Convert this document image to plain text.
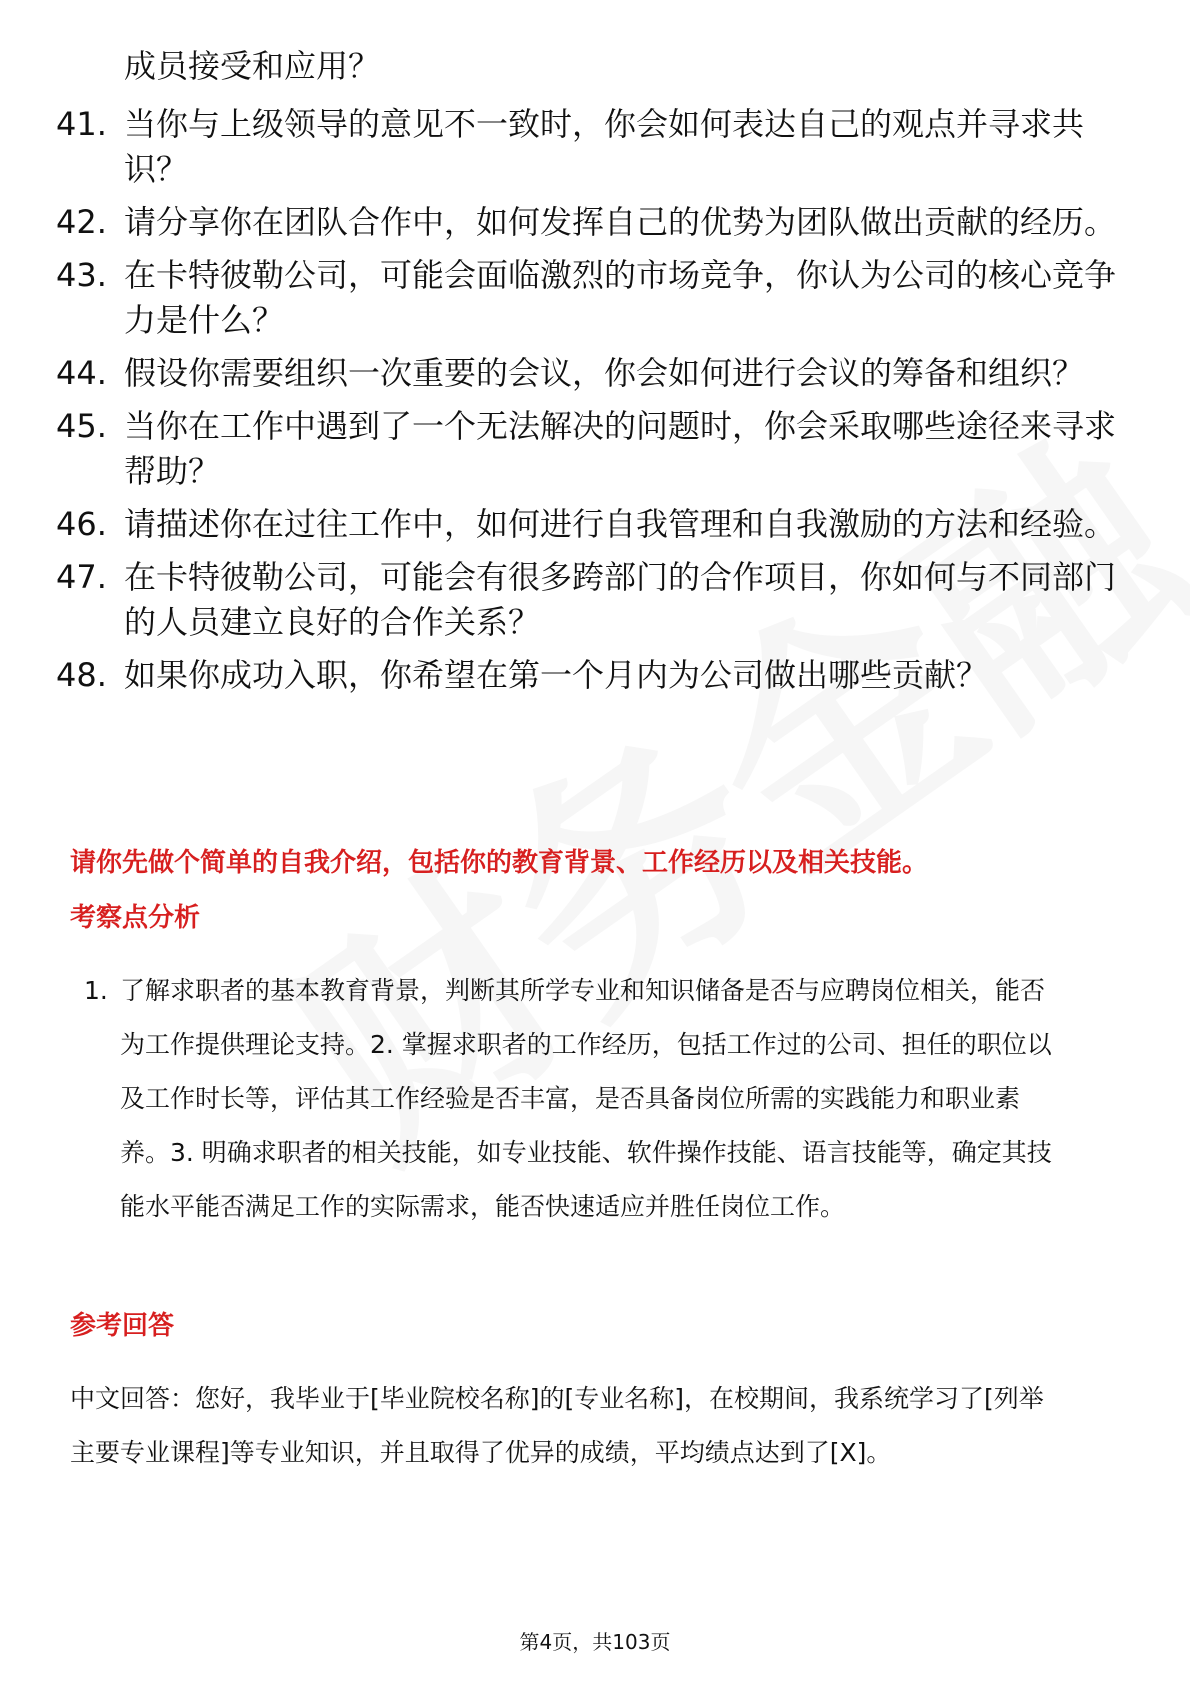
成员接受和应用？
41. 当你与上级领导的意见不一致时，你会如何表达自己的观点并寻求共识？
42. 请分享你在团队合作中，如何发挥自己的优势为团队做出贡献的经历。
43. 在卡特彼勒公司，可能会面临激烈的市场竞争，你认为公司的核心竞争力是什么？
44. 假设你需要组织一次重要的会议，你会如何进行会议的筹备和组织？
45. 当你在工作中遇到了一个无法解决的问题时，你会采取哪些途径来寻求帮助？
46. 请描述你在过往工作中，如何进行自我管理和自我激励的方法和经验。
47. 在卡特彼勒公司，可能会有很多跨部门的合作项目，你如何与不同部门的人员建立良好的合作关系？
48. 如果你成功入职，你希望在第一个月内为公司做出哪些贡献？
请你先做个简单的自我介绍，包括你的教育背景、工作经历以及相关技能。
考察点分析
1. 了解求职者的基本教育背景，判断其所学专业和知识储备是否与应聘岗位相关，能否为工作提供理论支持。2. 掌握求职者的工作经历，包括工作过的公司、担任的职位以及工作时长等，评估其工作经验是否丰富，是否具备岗位所需的实践能力和职业素养。3. 明确求职者的相关技能，如专业技能、软件操作技能、语言技能等，确定其技能水平能否满足工作的实际需求，能否快速适应并胜任岗位工作。
参考回答
中文回答：您好，我毕业于[毕业院校名称]的[专业名称]，在校期间，我系统学习了[列举主要专业课程]等专业知识，并且取得了优异的成绩，平均绩点达到了[X]。
第4页，共103页
